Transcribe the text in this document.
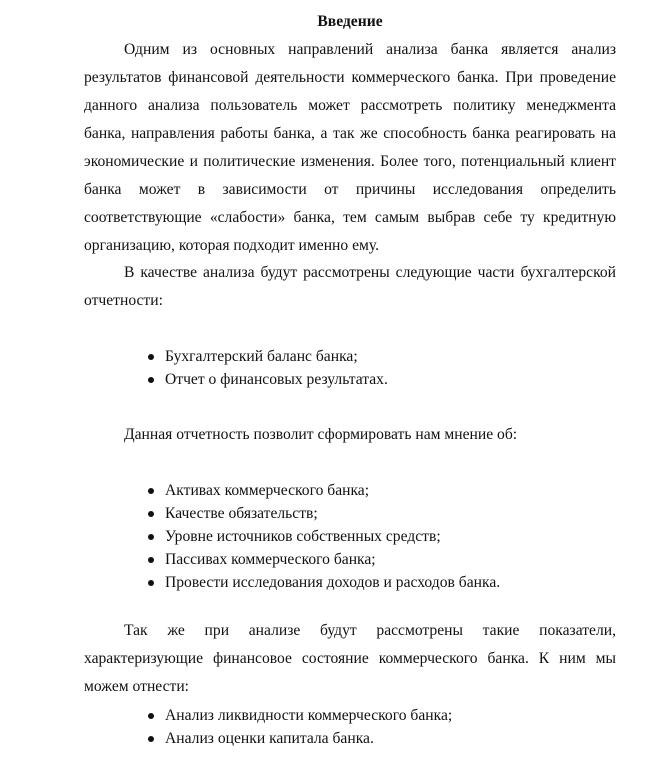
Введение

Одним из основных направлений анализа банка является анализ результатов финансовой деятельности коммерческого банка. При проведение данного анализа пользователь может рассмотреть политику менеджмента банка, направления работы банка, а так же способность банка реагировать на экономические и политические изменения. Более того, потенциальный клиент банка может в зависимости от причины исследования определить соответствующие «слабости» банка, тем самым выбрав себе ту кредитную организацию, которая подходит именно ему.

В качестве анализа будут рассмотрены следующие части бухгалтерской отчетности:

Бухгалтерский баланс банка;
Отчет о финансовых результатах.

Данная отчетность позволит сформировать нам мнение об:

Активах коммерческого банка;
Качестве обязательств;
Уровне источников собственных средств;
Пассивах коммерческого банка;
Провести исследования доходов и расходов банка.

Так же при анализе будут рассмотрены такие показатели, характеризующие финансовое состояние коммерческого банка. К ним мы можем отнести:

Анализ ликвидности коммерческого банка;
Анализ оценки капитала банка.
